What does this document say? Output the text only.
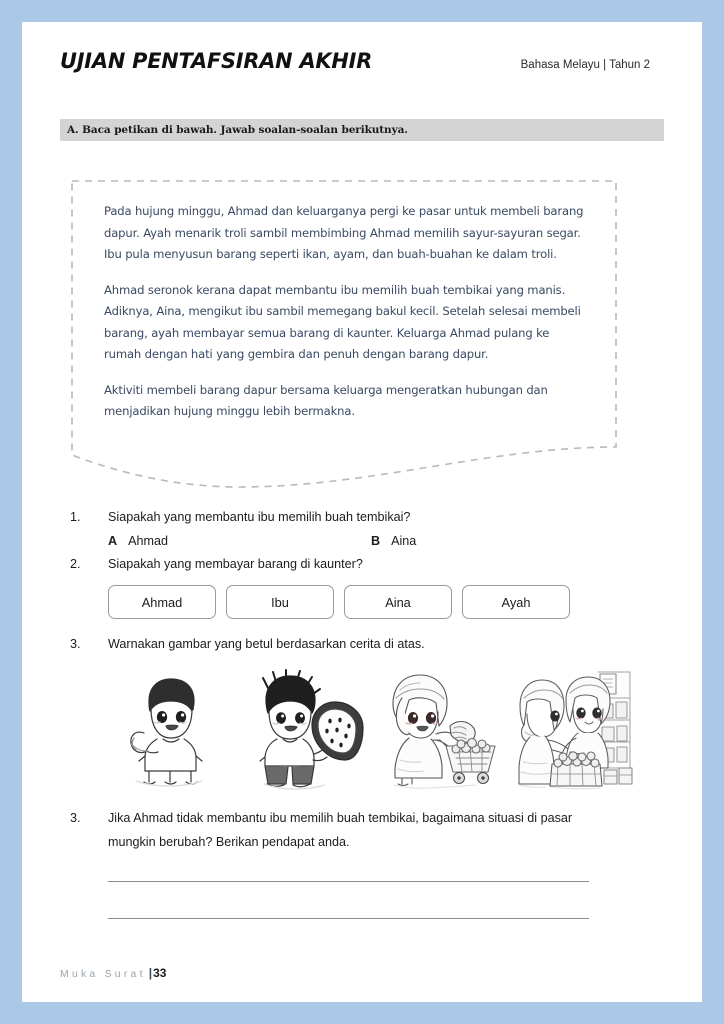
UJIAN PENTAFSIRAN AKHIR	Bahasa Melayu | Tahun 2
A. Baca petikan di bawah. Jawab soalan-soalan berikutnya.

Pada hujung minggu, Ahmad dan keluarganya pergi ke pasar untuk membeli barang dapur. Ayah menarik troli sambil membimbing Ahmad memilih sayur-sayuran segar. Ibu pula menyusun barang seperti ikan, ayam, dan buah-buahan ke dalam troli.

Ahmad seronok kerana dapat membantu ibu memilih buah tembikai yang manis. Adiknya, Aina, mengikut ibu sambil memegang bakul kecil. Setelah selesai membeli barang, ayah membayar semua barang di kaunter. Keluarga Ahmad pulang ke rumah dengan hati yang gembira dan penuh dengan barang dapur.

Aktiviti membeli barang dapur bersama keluarga mengeratkan hubungan dan menjadikan hujung minggu lebih bermakna.

1.	Siapakah yang membantu ibu memilih buah tembikai?
A Ahmad	B Aina
2.	Siapakah yang membayar barang di kaunter?
Ahmad	Ibu	Aina	Ayah
3.	Warnakan gambar yang betul berdasarkan cerita di atas.
3.	Jika Ahmad tidak membantu ibu memilih buah tembikai, bagaimana situasi di pasar mungkin berubah? Berikan pendapat anda.
Muka Surat | 33
